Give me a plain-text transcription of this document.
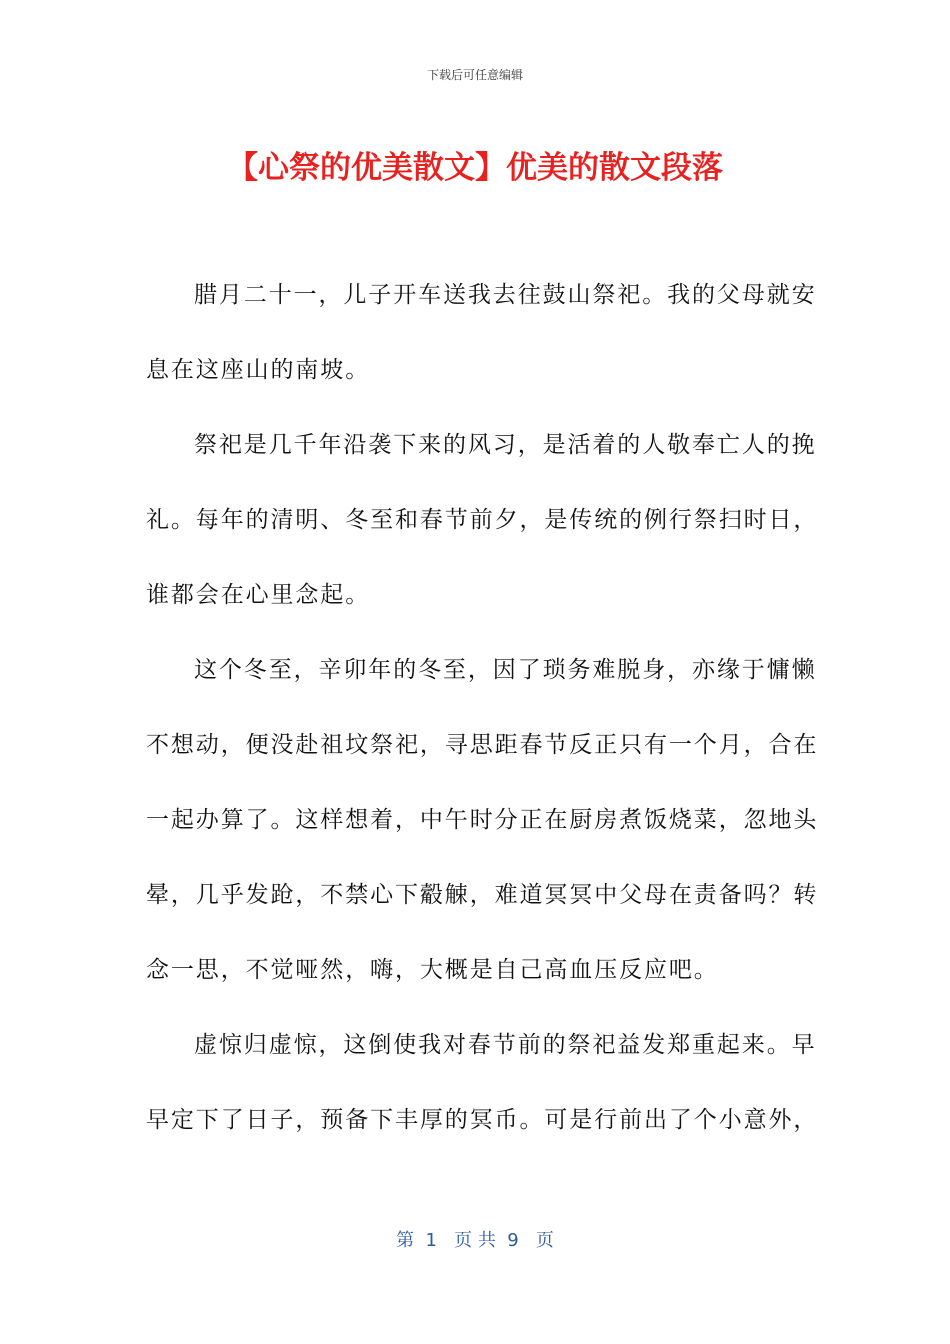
下载后可任意编辑
【心祭的优美散文】优美的散文段落
腊月二十一，儿子开车送我去往鼓山祭祀。我的父母就安
息在这座山的南坡。
祭祀是几千年沿袭下来的风习，是活着的人敬奉亡人的挽
礼。每年的清明、冬至和春节前夕，是传统的例行祭扫时日，
谁都会在心里念起。
这个冬至，辛卯年的冬至，因了琐务难脱身，亦缘于慵懒
不想动，便没赴祖坟祭祀，寻思距春节反正只有一个月，合在
一起办算了。这样想着，中午时分正在厨房煮饭烧菜，忽地头
晕，几乎发跄，不禁心下觳觫，难道冥冥中父母在责备吗？转
念一思，不觉哑然，嗨，大概是自己高血压反应吧。
虚惊归虚惊，这倒使我对春节前的祭祀益发郑重起来。早
早定下了日子，预备下丰厚的冥币。可是行前出了个小意外，
第  1   页 共  9   页
